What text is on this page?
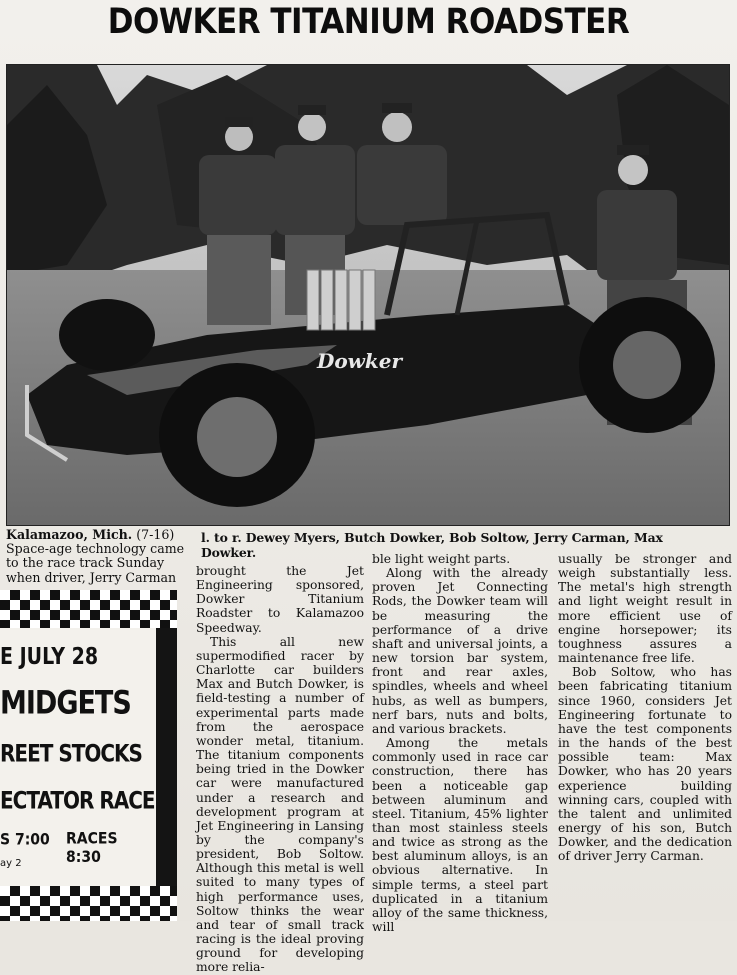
DOWKER TITANIUM ROADSTER
Dowker
Kalamazoo, Mich. (7-16) Space-age technology came to the race track Sunday when driver, Jerry Carman
l. to r. Dewey Myers, Butch Dowker, Bob Soltow, Jerry Carman, Max Dowker.
E JULY 28
MIDGETS
REET STOCKS
ECTATOR RACE
S 7:00 RACES 8:30
ay 2

brought the Jet Engineering sponsored, Dowker Titanium Roadster to Kalamazoo Speedway.

This all new supermodified racer by Charlotte car builders Max and Butch Dowker, is field-testing a number of experimental parts made from the aerospace wonder metal, titanium. The titanium components being tried in the Dowker car were manufactured under a research and development program at Jet Engineering in Lansing by the company's president, Bob Soltow. Although this metal is well suited to many types of high performance uses, Soltow thinks the wear and tear of small track racing is the ideal proving ground for developing more relia-

ble light weight parts.

Along with the already proven Jet Connecting Rods, the Dowker team will be measuring the performance of a drive shaft and universal joints, a new torsion bar system, front and rear axles, spindles, wheels and wheel hubs, as well as bumpers, nerf bars, nuts and bolts, and various brackets.

Among the metals commonly used in race car construction, there has been a noticeable gap between aluminum and steel. Titanium, 45% lighter than most stainless steels and twice as strong as the best aluminum alloys, is an obvious alternative. In simple terms, a steel part duplicated in a titanium alloy of the same thickness, will

usually be stronger and weigh substantially less. The metal's high strength and light weight result in more efficient use of engine horsepower; its toughness assures a maintenance free life.

Bob Soltow, who has been fabricating titanium since 1960, considers Jet Engineering fortunate to have the test components in the hands of the best possible team: Max Dowker, who has 20 years experience building winning cars, coupled with the talent and unlimited energy of his son, Butch Dowker, and the dedication of driver Jerry Carman.
